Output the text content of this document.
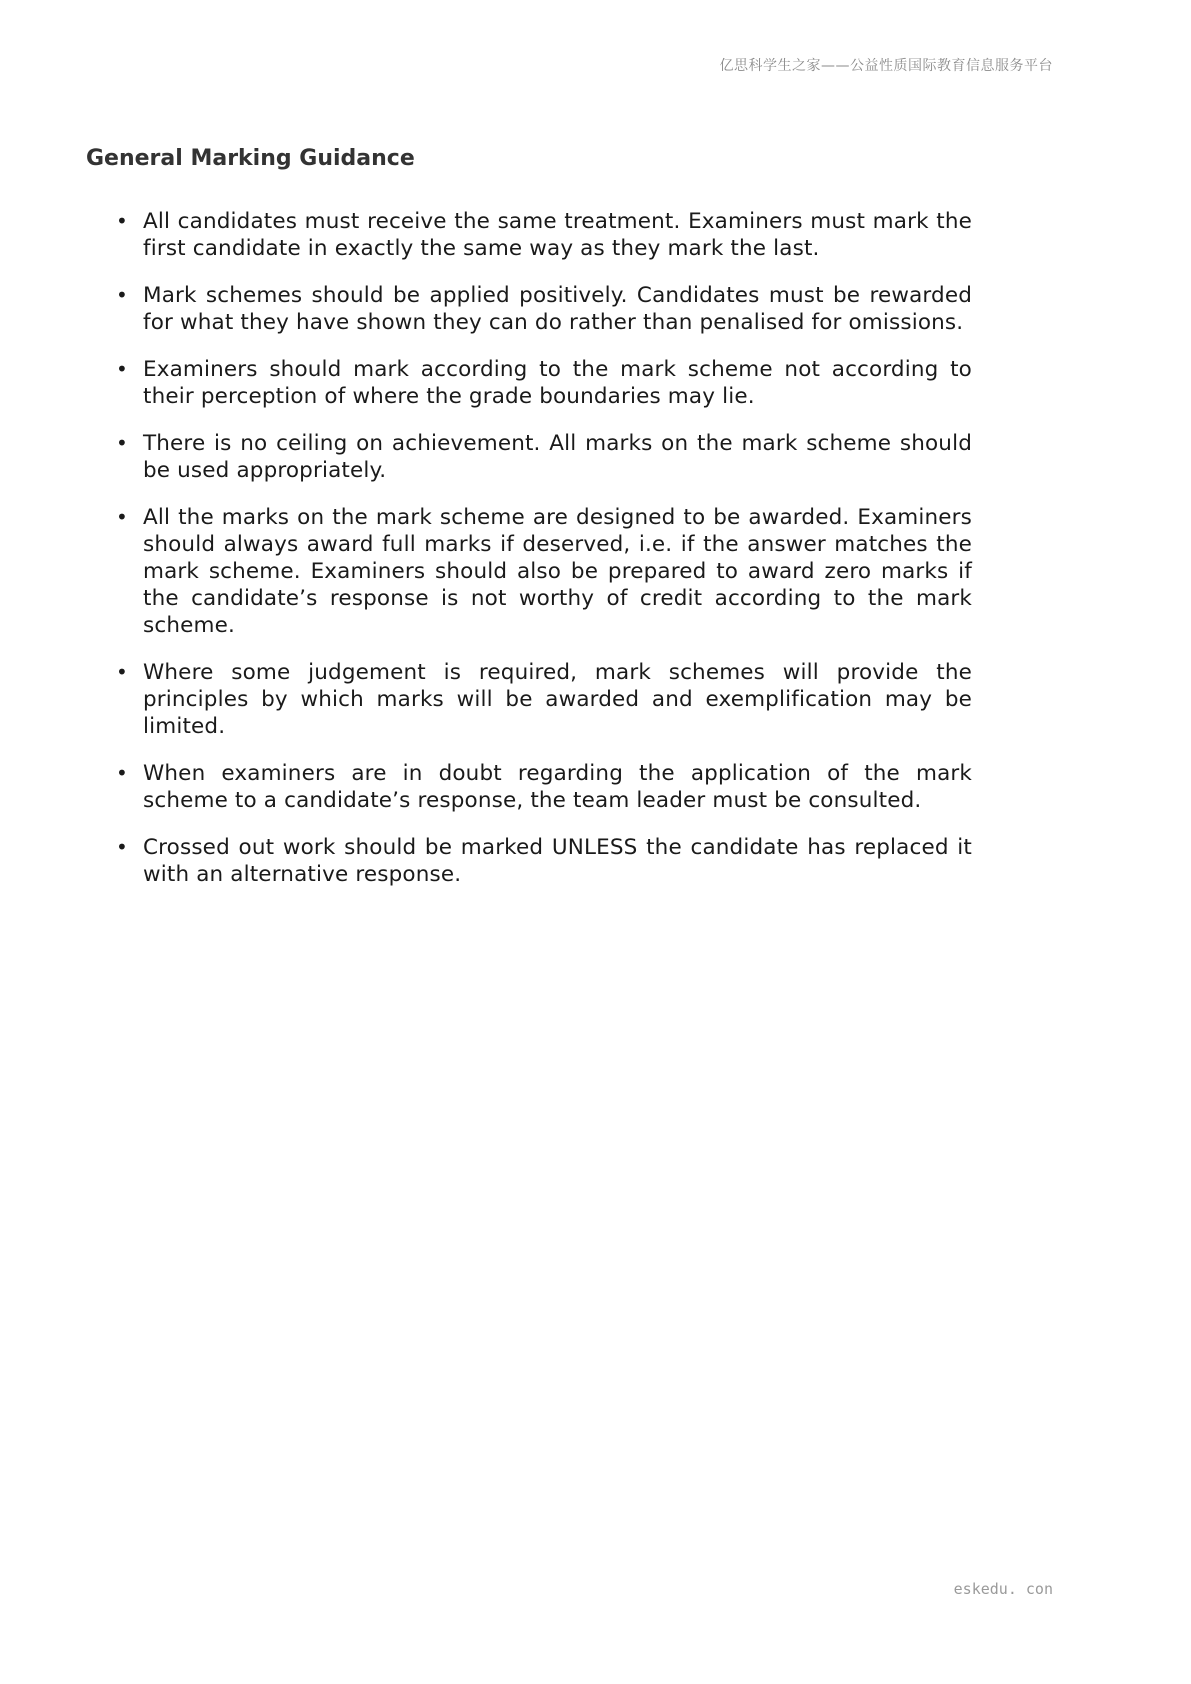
亿思科学生之家——公益性质国际教育信息服务平台
General Marking Guidance
• All candidates must receive the same treatment. Examiners must mark the first candidate in exactly the same way as they mark the last.
• Mark schemes should be applied positively. Candidates must be rewarded for what they have shown they can do rather than penalised for omissions.
• Examiners should mark according to the mark scheme not according to their perception of where the grade boundaries may lie.
• There is no ceiling on achievement. All marks on the mark scheme should be used appropriately.
• All the marks on the mark scheme are designed to be awarded. Examiners should always award full marks if deserved, i.e. if the answer matches the mark scheme. Examiners should also be prepared to award zero marks if the candidate’s response is not worthy of credit according to the mark scheme.
• Where some judgement is required, mark schemes will provide the principles by which marks will be awarded and exemplification may be limited.
• When examiners are in doubt regarding the application of the mark scheme to a candidate’s response, the team leader must be consulted.
• Crossed out work should be marked UNLESS the candidate has replaced it with an alternative response.
eskedu. con
